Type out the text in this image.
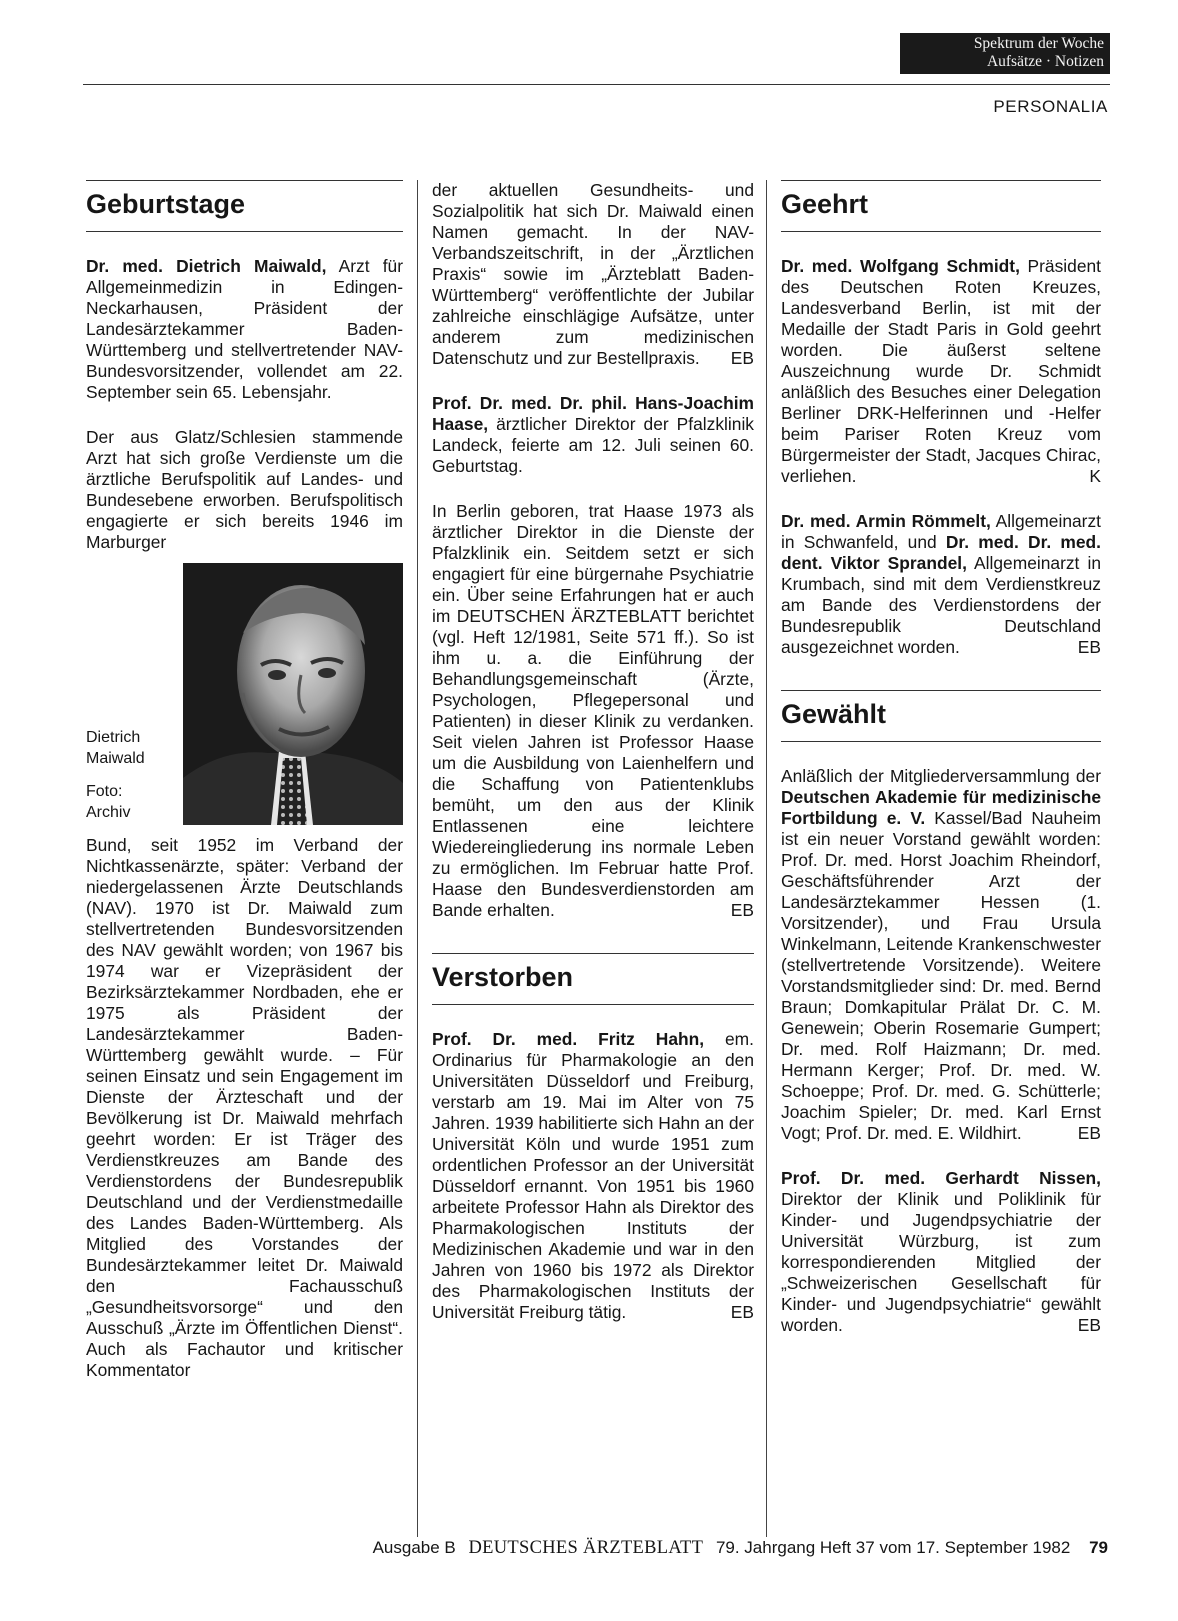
Spektrum der Woche
Aufsätze · Notizen
PERSONALIA
Geburtstage

Dr. med. Dietrich Maiwald, Arzt für Allgemeinmedizin in Edingen-Neckarhausen, Präsident der Landesärztekammer Baden-Württemberg und stellvertretender NAV-Bundesvorsitzender, vollendet am 22. September sein 65. Lebensjahr.

Der aus Glatz/Schlesien stammende Arzt hat sich große Verdienste um die ärztliche Berufspolitik auf Landes- und Bundesebene erworben. Berufspolitisch engagierte er sich bereits 1946 im Marburger

Dietrich
Maiwald
Foto:
Archiv

Bund, seit 1952 im Verband der Nichtkassenärzte, später: Verband der niedergelassenen Ärzte Deutschlands (NAV). 1970 ist Dr. Maiwald zum stellvertretenden Bundesvorsitzenden des NAV gewählt worden; von 1967 bis 1974 war er Vizepräsident der Bezirksärztekammer Nordbaden, ehe er 1975 als Präsident der Landesärztekammer Baden-Württemberg gewählt wurde. – Für seinen Einsatz und sein Engagement im Dienste der Ärzteschaft und der Bevölkerung ist Dr. Maiwald mehrfach geehrt worden: Er ist Träger des Verdienstkreuzes am Bande des Verdienstordens der Bundesrepublik Deutschland und der Verdienstmedaille des Landes Baden-Württemberg. Als Mitglied des Vorstandes der Bundesärztekammer leitet Dr. Maiwald den Fachausschuß „Gesundheitsvorsorge“ und den Ausschuß „Ärzte im Öffentlichen Dienst“. Auch als Fachautor und kritischer Kommentator

der aktuellen Gesundheits- und Sozialpolitik hat sich Dr. Maiwald einen Namen gemacht. In der NAV-Verbandszeitschrift, in der „Ärztlichen Praxis“ sowie im „Ärzteblatt Baden-Württemberg“ veröffentlichte der Jubilar zahlreiche einschlägige Aufsätze, unter anderem zum medizinischen Datenschutz und zur Bestellpraxis. EB

Prof. Dr. med. Dr. phil. Hans-Joachim Haase, ärztlicher Direktor der Pfalzklinik Landeck, feierte am 12. Juli seinen 60. Geburtstag.

In Berlin geboren, trat Haase 1973 als ärztlicher Direktor in die Dienste der Pfalzklinik ein. Seitdem setzt er sich engagiert für eine bürgernahe Psychiatrie ein. Über seine Erfahrungen hat er auch im DEUTSCHEN ÄRZTEBLATT berichtet (vgl. Heft 12/1981, Seite 571 ff.). So ist ihm u. a. die Einführung der Behandlungsgemeinschaft (Ärzte, Psychologen, Pflegepersonal und Patienten) in dieser Klinik zu verdanken. Seit vielen Jahren ist Professor Haase um die Ausbildung von Laienhelfern und die Schaffung von Patientenklubs bemüht, um den aus der Klinik Entlassenen eine leichtere Wiedereingliederung ins normale Leben zu ermöglichen. Im Februar hatte Prof. Haase den Bundesverdienstorden am Bande erhalten.	EB

Verstorben

Prof. Dr. med. Fritz Hahn, em. Ordinarius für Pharmakologie an den Universitäten Düsseldorf und Freiburg, verstarb am 19. Mai im Alter von 75 Jahren. 1939 habilitierte sich Hahn an der Universität Köln und wurde 1951 zum ordentlichen Professor an der Universität Düsseldorf ernannt. Von 1951 bis 1960 arbeitete Professor Hahn als Direktor des Pharmakologischen Instituts der Medizinischen Akademie und war in den Jahren von 1960 bis 1972 als Direktor des Pharmakologischen Instituts der Universität Freiburg tätig.	EB

Geehrt

Dr. med. Wolfgang Schmidt, Präsident des Deutschen Roten Kreuzes, Landesverband Berlin, ist mit der Medaille der Stadt Paris in Gold geehrt worden. Die äußerst seltene Auszeichnung wurde Dr. Schmidt anläßlich des Besuches einer Delegation Berliner DRK-Helferinnen und -Helfer beim Pariser Roten Kreuz vom Bürgermeister der Stadt, Jacques Chirac, verliehen.	K

Dr. med. Armin Römmelt, Allgemeinarzt in Schwanfeld, und Dr. med. Dr. med. dent. Viktor Sprandel, Allgemeinarzt in Krumbach, sind mit dem Verdienstkreuz am Bande des Verdienstordens der Bundesrepublik Deutschland ausgezeichnet worden.	EB

Gewählt

Anläßlich der Mitgliederversammlung der Deutschen Akademie für medizinische Fortbildung e. V. Kassel/Bad Nauheim ist ein neuer Vorstand gewählt worden: Prof. Dr. med. Horst Joachim Rheindorf, Geschäftsführender Arzt der Landesärztekammer Hessen (1. Vorsitzender), und Frau Ursula Winkelmann, Leitende Krankenschwester (stellvertretende Vorsitzende). Weitere Vorstandsmitglieder sind: Dr. med. Bernd Braun; Domkapitular Prälat Dr. C. M. Genewein; Oberin Rosemarie Gumpert; Dr. med. Rolf Haizmann; Dr. med. Hermann Kerger; Prof. Dr. med. W. Schoeppe; Prof. Dr. med. G. Schütterle; Joachim Spieler; Dr. med. Karl Ernst Vogt; Prof. Dr. med. E. Wildhirt.	EB

Prof. Dr. med. Gerhardt Nissen, Direktor der Klinik und Poliklinik für Kinder- und Jugendpsychiatrie der Universität Würzburg, ist zum korrespondierenden Mitglied der „Schweizerischen Gesellschaft für Kinder- und Jugendpsychiatrie“ gewählt worden.	EB

Ausgabe B DEUTSCHES ÄRZTEBLATT 79. Jahrgang Heft 37 vom 17. September 1982 79
